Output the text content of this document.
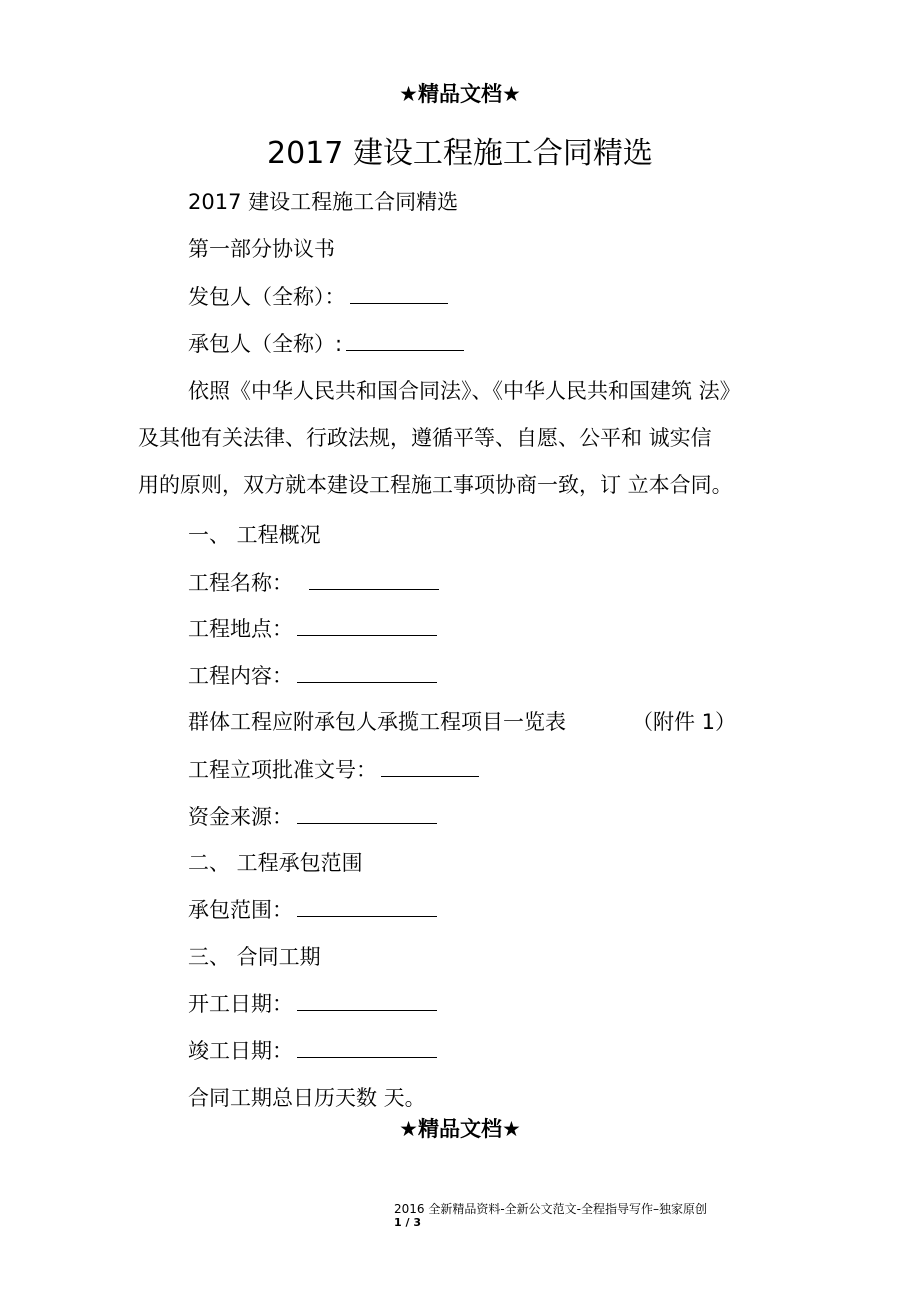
★精品文档★
2017 建设工程施工合同精选
2017 建设工程施工合同精选
第一部分协议书
发包人（全称）：
承包人（全称）:
依照《中华人民共和国合同法》、《中华人民共和国建筑 法》
及其他有关法律、行政法规，遵循平等、自愿、公平和 诚实信
用的原则，双方就本建设工程施工事项协商一致，订 立本合同。
一、 工程概况
工程名称：
工程地点：
工程内容：
群体工程应附承包人承揽工程项目一览表	（附件 1）
工程立项批准文号：
资金来源：
二、 工程承包范围
承包范围：
三、 合同工期
开工日期：
竣工日期：
合同工期总日历天数 天。
★精品文档★
2016 全新精品资料-全新公文范文-全程指导写作–独家原创
1 / 3
